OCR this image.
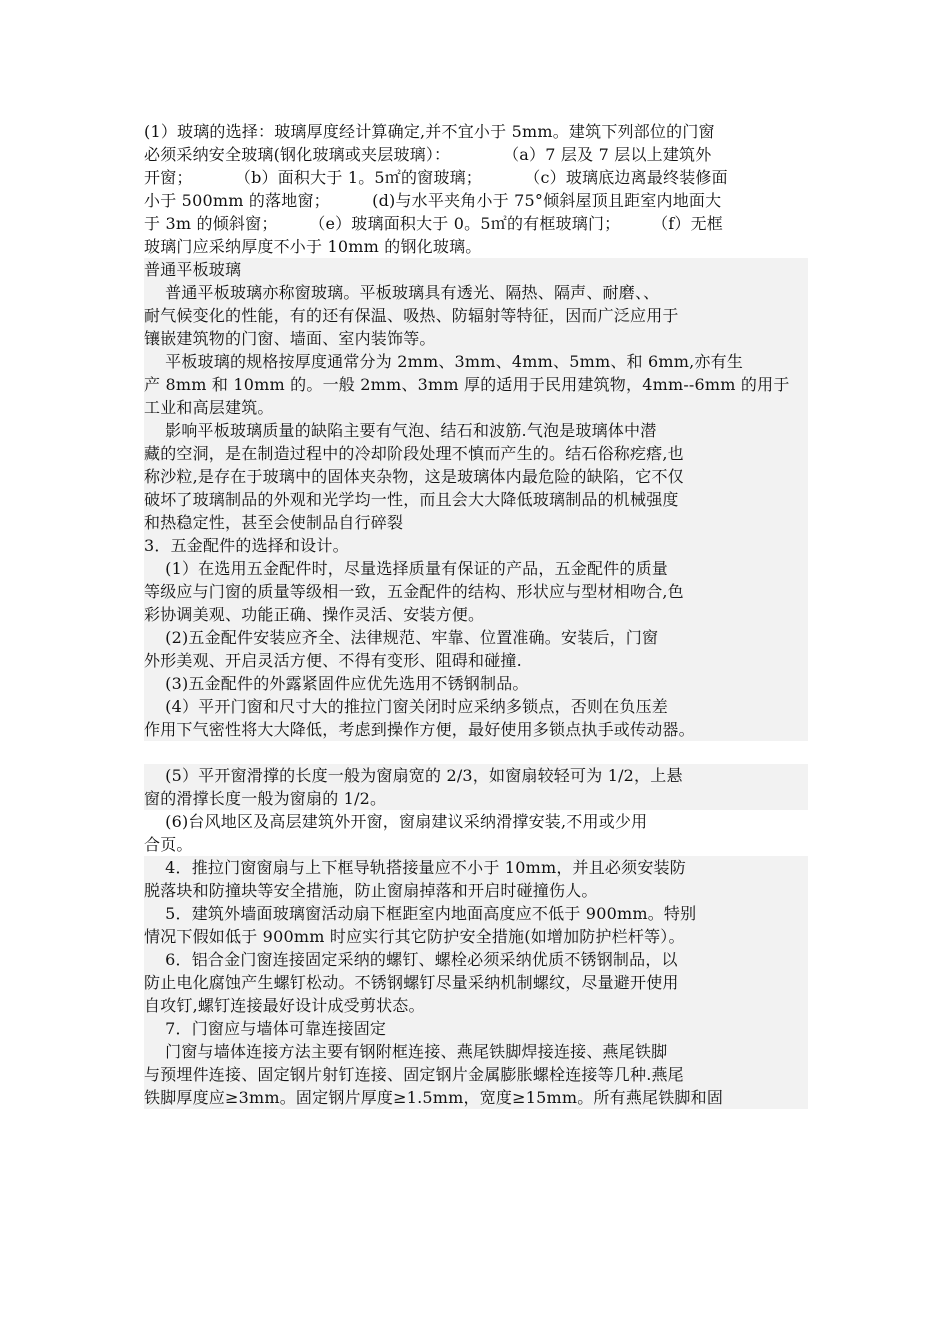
(1）玻璃的选择：玻璃厚度经计算确定,并不宜小于 5mm。建筑下列部位的门窗
必须采纳安全玻璃(钢化玻璃或夹层玻璃）：          （a）7 层及 7 层以上建筑外
开窗；        （b）面积大于 1。5㎡的窗玻璃；        （c）玻璃底边离最终装修面
小于 500mm 的落地窗；        (d)与水平夹角小于 75°倾斜屋顶且距室内地面大
于 3m 的倾斜窗；      （e）玻璃面积大于 0。5㎡的有框玻璃门；      （f）无框
玻璃门应采纳厚度不小于 10mm 的钢化玻璃。
普通平板玻璃
普通平板玻璃亦称窗玻璃。平板玻璃具有透光、隔热、隔声、耐磨、、
耐气候变化的性能，有的还有保温、吸热、防辐射等特征，因而广泛应用于
镶嵌建筑物的门窗、墙面、室内装饰等。
平板玻璃的规格按厚度通常分为 2mm、3mm、4mm、5mm、和 6mm,亦有生
产 8mm 和 10mm 的。一般 2mm、3mm 厚的适用于民用建筑物，4mm--6mm 的用于
工业和高层建筑。
影响平板玻璃质量的缺陷主要有气泡、结石和波筋.气泡是玻璃体中潜
藏的空洞，是在制造过程中的冷却阶段处理不慎而产生的。结石俗称疙瘩,也
称沙粒,是存在于玻璃中的固体夹杂物，这是玻璃体内最危险的缺陷，它不仅
破坏了玻璃制品的外观和光学均一性，而且会大大降低玻璃制品的机械强度
和热稳定性，甚至会使制品自行碎裂
3．五金配件的选择和设计。
(1）在选用五金配件时，尽量选择质量有保证的产品，五金配件的质量
等级应与门窗的质量等级相一致，五金配件的结构、形状应与型材相吻合,色
彩协调美观、功能正确、操作灵活、安装方便。
(2)五金配件安装应齐全、法律规范、牢靠、位置准确。安装后，门窗
外形美观、开启灵活方便、不得有变形、阻碍和碰撞.
(3)五金配件的外露紧固件应优先选用不锈钢制品。
(4）平开门窗和尺寸大的推拉门窗关闭时应采纳多锁点，否则在负压差
作用下气密性将大大降低，考虑到操作方便，最好使用多锁点执手或传动器。
(5）平开窗滑撑的长度一般为窗扇宽的 2/3，如窗扇较轻可为 1/2，上悬
窗的滑撑长度一般为窗扇的 1/2。
(6)台风地区及高层建筑外开窗，窗扇建议采纳滑撑安装,不用或少用
合页。
4．推拉门窗窗扇与上下框导轨搭接量应不小于 10mm，并且必须安装防
脱落块和防撞块等安全措施，防止窗扇掉落和开启时碰撞伤人。
5．建筑外墙面玻璃窗活动扇下框距室内地面高度应不低于 900mm。特别
情况下假如低于 900mm 时应实行其它防护安全措施(如增加防护栏杆等）。
6．铝合金门窗连接固定采纳的螺钉、螺栓必须采纳优质不锈钢制品，以
防止电化腐蚀产生螺钉松动。不锈钢螺钉尽量采纳机制螺纹，尽量避开使用
自攻钉,螺钉连接最好设计成受剪状态。
7．门窗应与墙体可靠连接固定
门窗与墙体连接方法主要有钢附框连接、燕尾铁脚焊接连接、燕尾铁脚
与预埋件连接、固定钢片射钉连接、固定钢片金属膨胀螺栓连接等几种.燕尾
铁脚厚度应≥3mm。固定钢片厚度≥1.5mm，宽度≥15mm。所有燕尾铁脚和固
